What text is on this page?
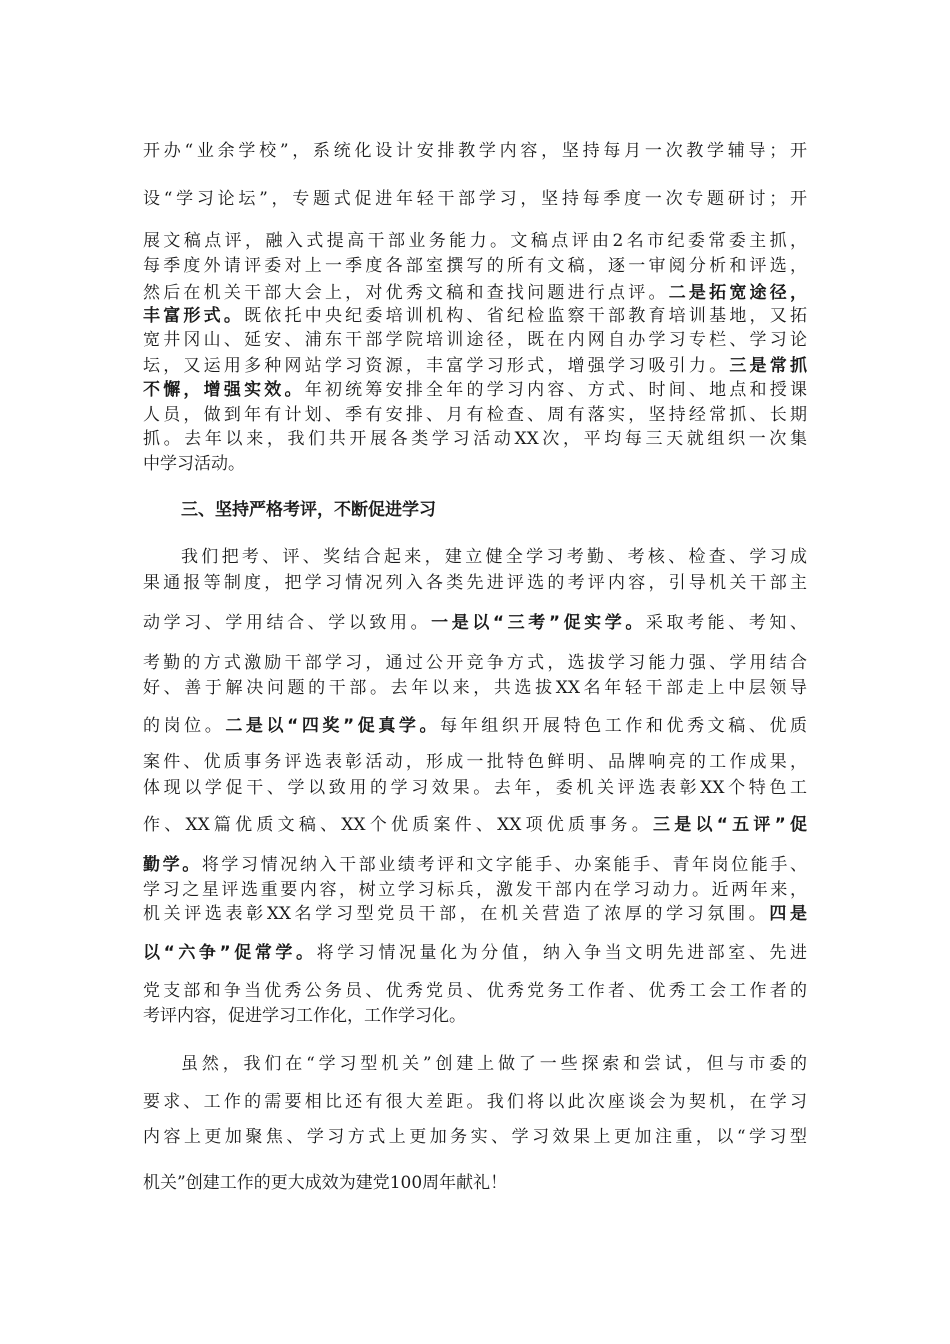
开办“业余学校”，系统化设计安排教学内容，坚持每月一次教学辅导；开
设“学习论坛”，专题式促进年轻干部学习，坚持每季度一次专题研讨；开
展文稿点评，融入式提高干部业务能力。文稿点评由2名市纪委常委主抓，
每季度外请评委对上一季度各部室撰写的所有文稿，逐一审阅分析和评选，
然后在机关干部大会上，对优秀文稿和查找问题进行点评。二是拓宽途径，
丰富形式。既依托中央纪委培训机构、省纪检监察干部教育培训基地，又拓
宽井冈山、延安、浦东干部学院培训途径，既在内网自办学习专栏、学习论
坛，又运用多种网站学习资源，丰富学习形式，增强学习吸引力。三是常抓
不懈，增强实效。年初统筹安排全年的学习内容、方式、时间、地点和授课
人员，做到年有计划、季有安排、月有检查、周有落实，坚持经常抓、长期
抓。去年以来，我们共开展各类学习活动XX次，平均每三天就组织一次集
中学习活动。
我们把考、评、奖结合起来，建立健全学习考勤、考核、检查、学习成
果通报等制度，把学习情况列入各类先进评选的考评内容，引导机关干部主
动学习、学用结合、学以致用。一是以“三考”促实学。采取考能、考知、
考勤的方式激励干部学习，通过公开竞争方式，选拔学习能力强、学用结合
好、善于解决问题的干部。去年以来，共选拔XX名年轻干部走上中层领导
的岗位。二是以“四奖”促真学。每年组织开展特色工作和优秀文稿、优质
案件、优质事务评选表彰活动，形成一批特色鲜明、品牌响亮的工作成果，
体现以学促干、学以致用的学习效果。去年，委机关评选表彰XX个特色工
作、XX篇优质文稿、XX个优质案件、XX项优质事务。三是以“五评”促
勤学。将学习情况纳入干部业绩考评和文字能手、办案能手、青年岗位能手、
学习之星评选重要内容，树立学习标兵，激发干部内在学习动力。近两年来，
机关评选表彰XX名学习型党员干部，在机关营造了浓厚的学习氛围。四是
以“六争”促常学。将学习情况量化为分值，纳入争当文明先进部室、先进
党支部和争当优秀公务员、优秀党员、优秀党务工作者、优秀工会工作者的
考评内容，促进学习工作化，工作学习化。
虽然，我们在“学习型机关”创建上做了一些探索和尝试，但与市委的
要求、工作的需要相比还有很大差距。我们将以此次座谈会为契机，在学习
内容上更加聚焦、学习方式上更加务实、学习效果上更加注重，以“学习型
机关”创建工作的更大成效为建党100周年献礼！
三、坚持严格考评，不断促进学习
